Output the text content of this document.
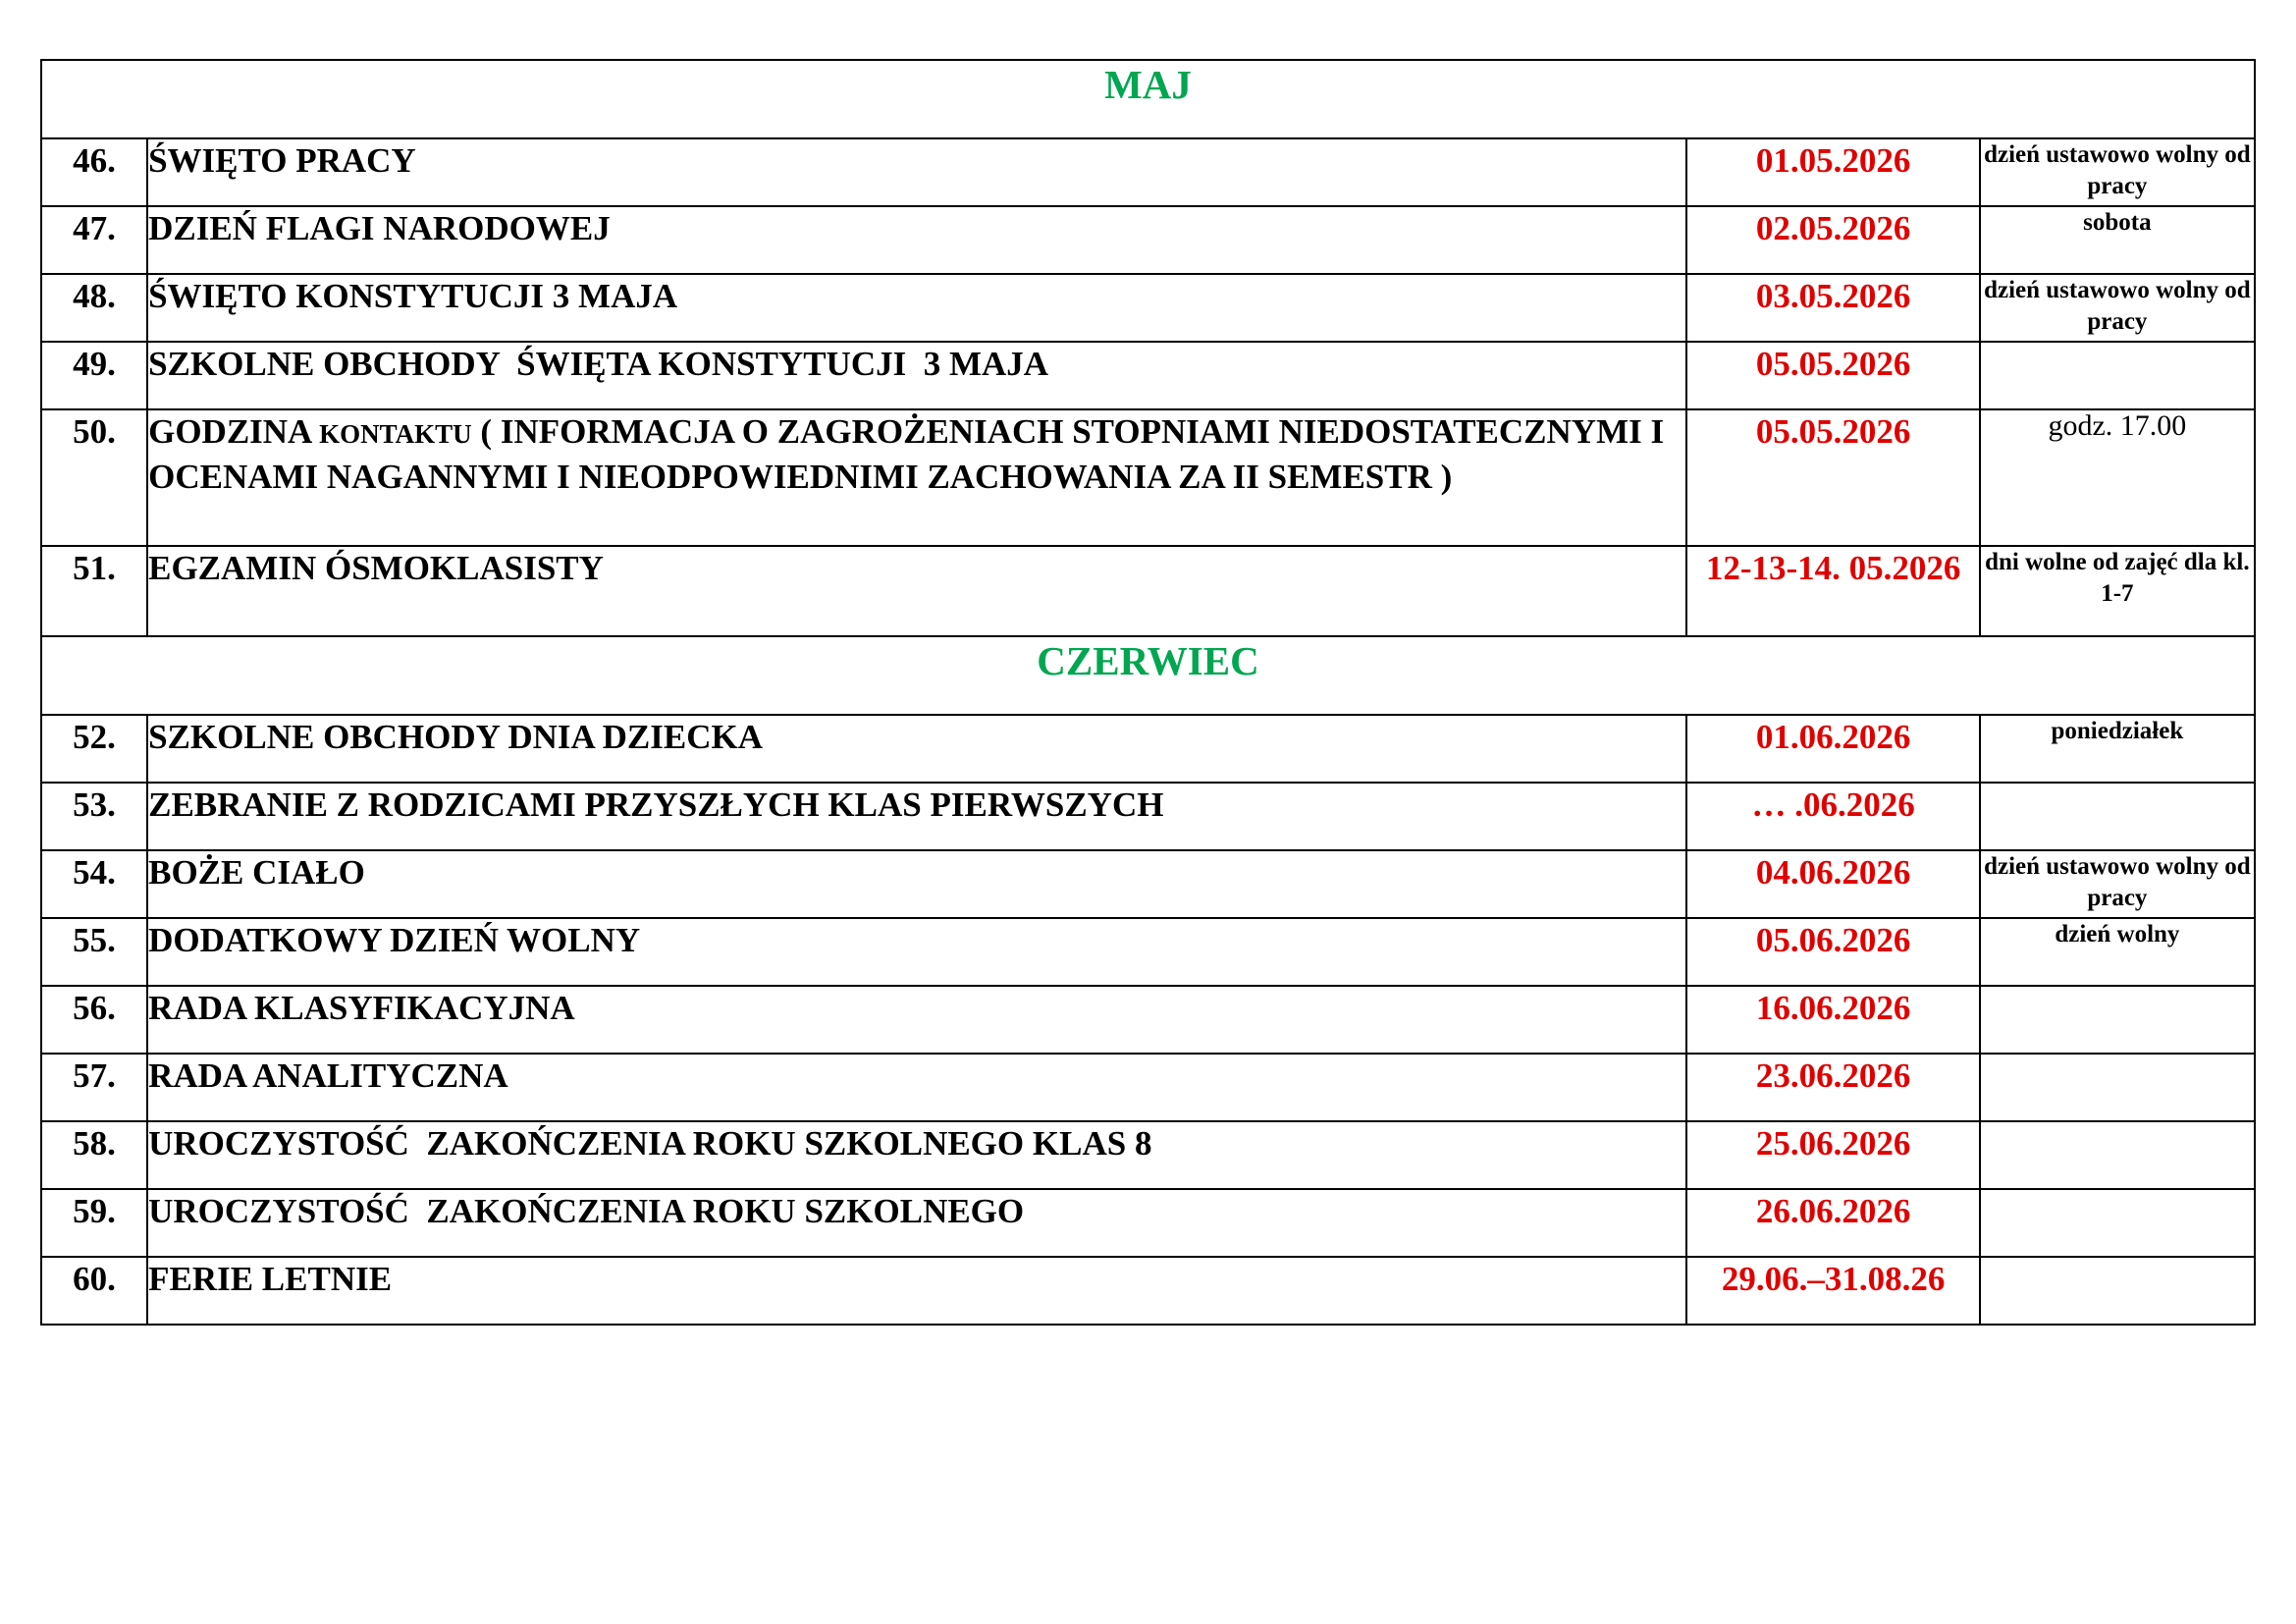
MAJ			
46.	ŚWIĘTO PRACY	01.05.2026	dzień ustawowo wolny od pracy
47.	DZIEŃ FLAGI NARODOWEJ	02.05.2026	sobota
48.	ŚWIĘTO KONSTYTUCJI 3 MAJA	03.05.2026	dzień ustawowo wolny od pracy
49.	SZKOLNE OBCHODY  ŚWIĘTA KONSTYTUCJI  3 MAJA	05.05.2026	
50.	GODZINA KONTAKTU ( INFORMACJA O ZAGROŻENIACH STOPNIAMI NIEDOSTATECZNYMI I OCENAMI NAGANNYMI I NIEODPOWIEDNIMI ZACHOWANIA ZA II SEMESTR )	05.05.2026	godz. 17.00
51.	EGZAMIN ÓSMOKLASISTY	12-13-14. 05.2026	dni wolne od zajęć dla kl. 1-7
CZERWIEC			
52.	SZKOLNE OBCHODY DNIA DZIECKA	01.06.2026	poniedziałek
53.	ZEBRANIE Z RODZICAMI PRZYSZŁYCH KLAS PIERWSZYCH	… .06.2026	
54.	BOŻE CIAŁO	04.06.2026	dzień ustawowo wolny od pracy
55.	DODATKOWY DZIEŃ WOLNY	05.06.2026	dzień wolny
56.	RADA KLASYFIKACYJNA	16.06.2026	
57.	RADA ANALITYCZNA	23.06.2026	
58.	UROCZYSTOŚĆ  ZAKOŃCZENIA ROKU SZKOLNEGO KLAS 8	25.06.2026	
59.	UROCZYSTOŚĆ  ZAKOŃCZENIA ROKU SZKOLNEGO	26.06.2026	
60.	FERIE LETNIE	29.06.–31.08.26	
